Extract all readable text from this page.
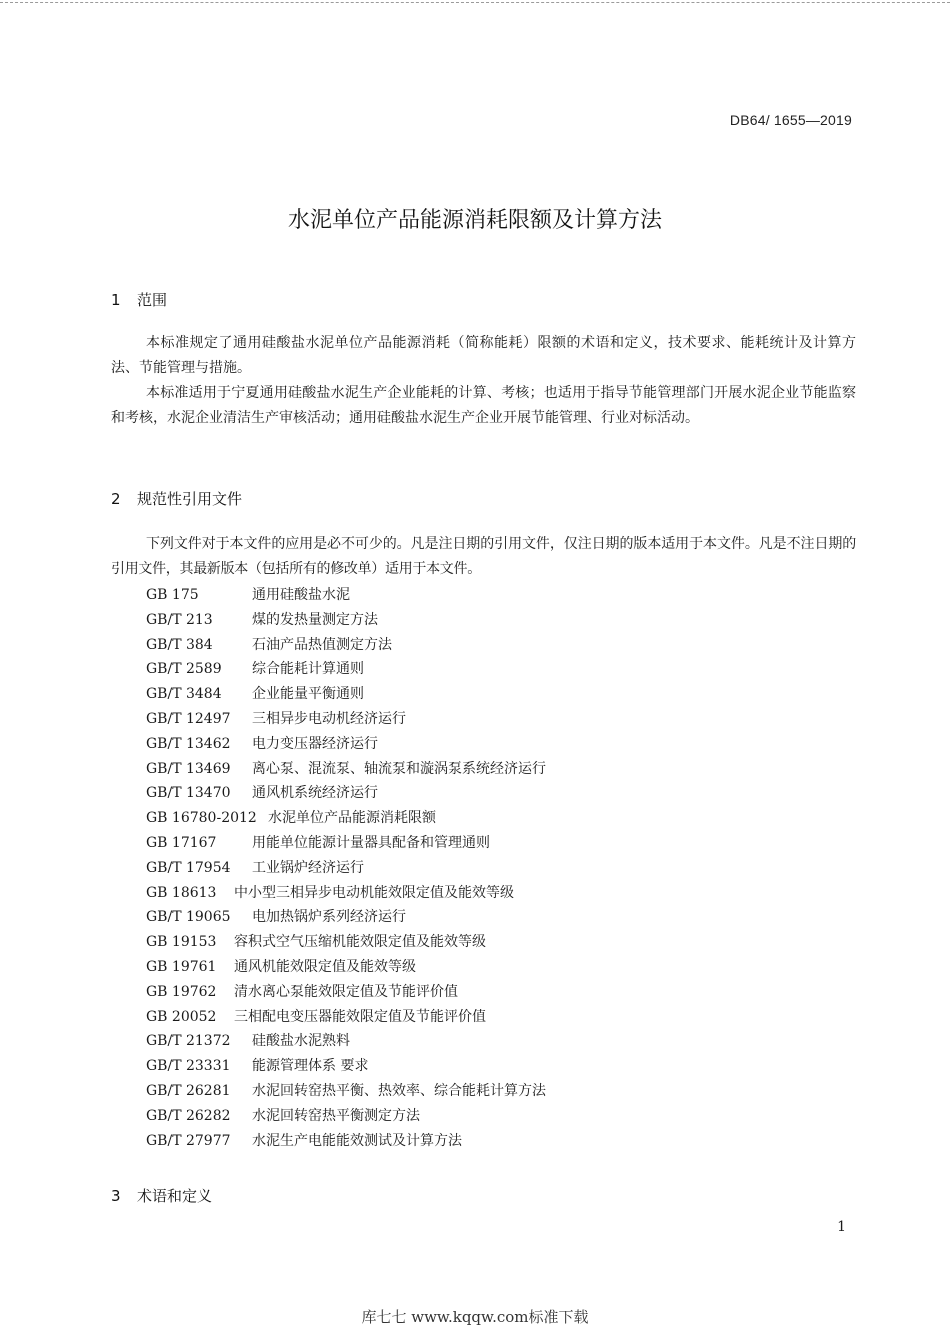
DB64/ 1655—2019
水泥单位产品能源消耗限额及计算方法
1 范围

本标准规定了通用硅酸盐水泥单位产品能源消耗（简称能耗）限额的术语和定义，技术要求、能耗统计及计算方法、节能管理与措施。

本标准适用于宁夏通用硅酸盐水泥生产企业能耗的计算、考核；也适用于指导节能管理部门开展水泥企业节能监察和考核，水泥企业清洁生产审核活动；通用硅酸盐水泥生产企业开展节能管理、行业对标活动。

2 规范性引用文件

下列文件对于本文件的应用是必不可少的。凡是注日期的引用文件，仅注日期的版本适用于本文件。凡是不注日期的引用文件，其最新版本（包括所有的修改单）适用于本文件。

GB 175	通用硅酸盐水泥
GB/T 213	煤的发热量测定方法
GB/T 384	石油产品热值测定方法
GB/T 2589 综合能耗计算通则
GB/T 3484 企业能量平衡通则
GB/T 12497 三相异步电动机经济运行
GB/T 13462 电力变压器经济运行
GB/T 13469 离心泵、混流泵、轴流泵和漩涡泵系统经济运行
GB/T 13470 通风机系统经济运行
GB 16780-2012 水泥单位产品能源消耗限额
GB 17167	用能单位能源计量器具配备和管理通则
GB/T 17954 工业锅炉经济运行
GB 18613 中小型三相异步电动机能效限定值及能效等级
GB/T 19065 电加热锅炉系列经济运行
GB 19153 容积式空气压缩机能效限定值及能效等级
GB 19761 通风机能效限定值及能效等级
GB 19762 清水离心泵能效限定值及节能评价值
GB 20052 三相配电变压器能效限定值及节能评价值
GB/T 21372 硅酸盐水泥熟料
GB/T 23331 能源管理体系 要求
GB/T 26281 水泥回转窑热平衡、热效率、综合能耗计算方法
GB/T 26282 水泥回转窑热平衡测定方法
GB/T 27977 水泥生产电能能效测试及计算方法
3 术语和定义
1
库七七 www.kqqw.com标准下载
